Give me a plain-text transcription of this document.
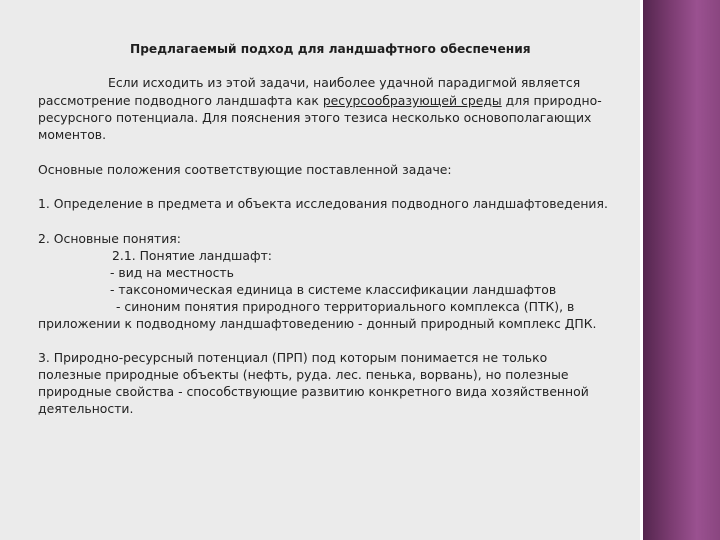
Предлагаемый подход для ландшафтного обеспечения

Если исходить из этой задачи, наиболее удачной парадигмой является

рассмотрение подводного ландшафта как ресурсообразующей среды для природно-

ресурсного потенциала. Для пояснения этого тезиса несколько основополагающих

моментов.

Основные положения соответствующие поставленной задаче:

1. Определение в предмета и объекта исследования подводного ландшафтоведения.

2. Основные понятия:

2.1. Понятие ландшафт:

- вид на местность

- таксономическая единица в системе классификации ландшафтов

- синоним понятия природного территориального комплекса (ПТК), в

приложении к подводному ландшафтоведению - донный природный комплекс ДПК.

3. Природно-ресурсный потенциал (ПРП) под которым понимается не только

полезные природные объекты (нефть, руда. лес. пенька, ворвань), но полезные

природные свойства - способствующие развитию конкретного вида хозяйственной

деятельности.
